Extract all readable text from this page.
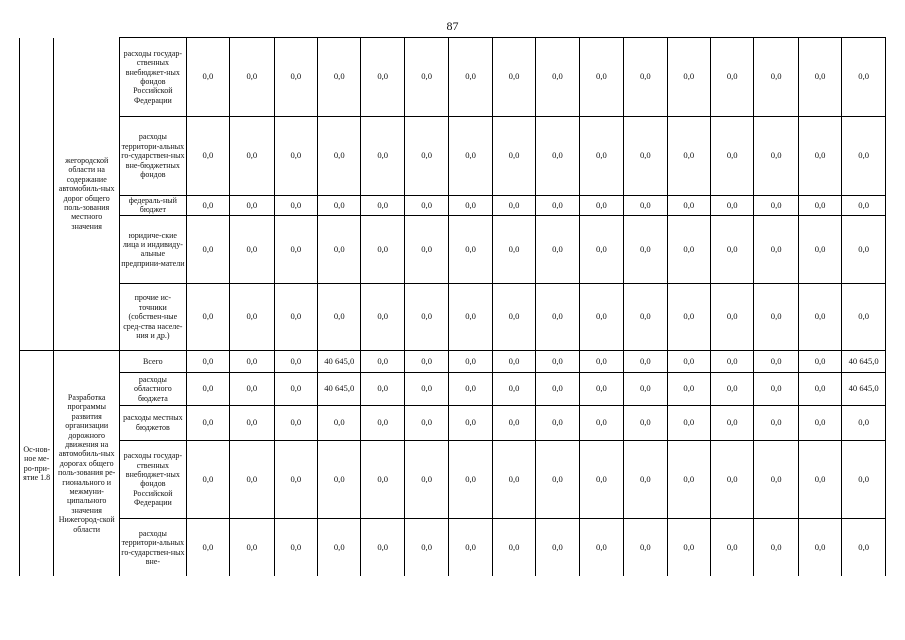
87
	жегородской области на содержание автомобиль-ных дорог общего поль-зования местного значения	расходы государ-ственных внебюджет-ных фондов Российской Федерации	0,0	0,0	0,0	0,0	0,0	0,0	0,0	0,0	0,0	0,0	0,0	0,0	0,0	0,0	0,0	0,0
		расходы территори-альных го-сударствен-ных вне-бюджетных фондов	0,0	0,0	0,0	0,0	0,0	0,0	0,0	0,0	0,0	0,0	0,0	0,0	0,0	0,0	0,0	0,0
		федераль-ный бюджет	0,0	0,0	0,0	0,0	0,0	0,0	0,0	0,0	0,0	0,0	0,0	0,0	0,0	0,0	0,0	0,0
		юридиче-ские лица и индивиду-альные предприни-матели	0,0	0,0	0,0	0,0	0,0	0,0	0,0	0,0	0,0	0,0	0,0	0,0	0,0	0,0	0,0	0,0
		прочие ис-точники (собствен-ные сред-ства населе-ния и др.)	0,0	0,0	0,0	0,0	0,0	0,0	0,0	0,0	0,0	0,0	0,0	0,0	0,0	0,0	0,0	0,0
Ос-нов-ное ме-ро-при-ятие 1.8	Разработка программы развития организации дорожного движения на автомобиль-ных дорогах общего поль-зования ре-гионального и межмуни-ципального значения Нижегород-ской области	Всего	0,0	0,0	0,0	40 645,0	0,0	0,0	0,0	0,0	0,0	0,0	0,0	0,0	0,0	0,0	0,0	40 645,0
		расходы областного бюджета	0,0	0,0	0,0	40 645,0	0,0	0,0	0,0	0,0	0,0	0,0	0,0	0,0	0,0	0,0	0,0	40 645,0
		расходы местных бюджетов	0,0	0,0	0,0	0,0	0,0	0,0	0,0	0,0	0,0	0,0	0,0	0,0	0,0	0,0	0,0	0,0
		расходы государ-ственных внебюджет-ных фондов Российской Федерации	0,0	0,0	0,0	0,0	0,0	0,0	0,0	0,0	0,0	0,0	0,0	0,0	0,0	0,0	0,0	0,0
		расходы территори-альных го-сударствен-ных вне-	0,0	0,0	0,0	0,0	0,0	0,0	0,0	0,0	0,0	0,0	0,0	0,0	0,0	0,0	0,0	0,0
